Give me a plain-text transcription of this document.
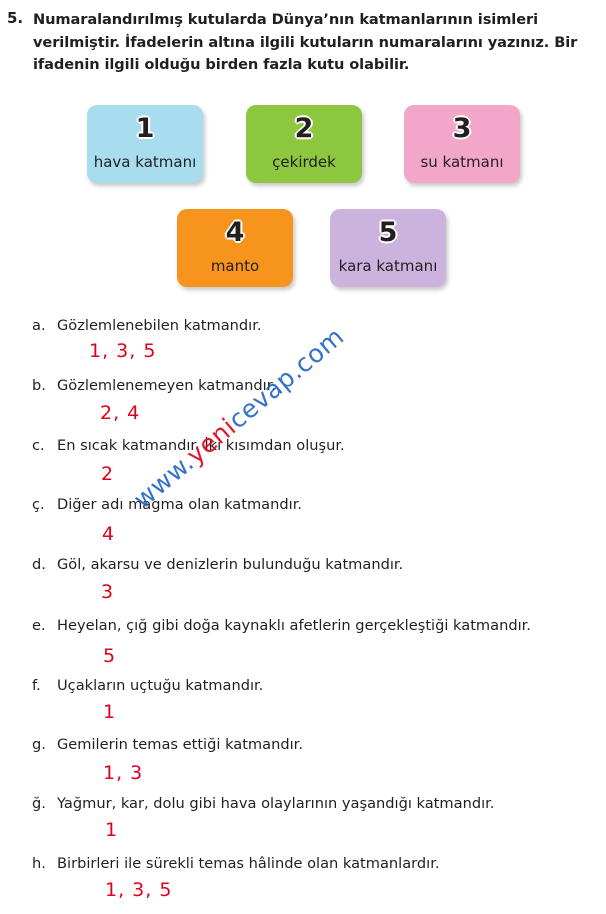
5. Numaralandırılmış kutularda Dünya’nın katmanlarının isimleri verilmiştir. İfadelerin altına ilgili kutuların numaralarını yazınız. Bir ifadenin ilgili olduğu birden fazla kutu olabilir.
1
hava katmanı
2
çekirdek
3
su katmanı
4
manto
5
kara katmanı
a. Gözlemlenebilen katmandır.
1, 3, 5
b. Gözlemlenemeyen katmandır.
2, 4
c. En sıcak katmandır. İki kısımdan oluşur.
2
ç. Diğer adı magma olan katmandır.
4
d. Göl, akarsu ve denizlerin bulunduğu katmandır.
3
e. Heyelan, çığ gibi doğa kaynaklı afetlerin gerçekleştiği katmandır.
5
f. Uçakların uçtuğu katmandır.
1
g. Gemilerin temas ettiği katmandır.
1, 3
ğ. Yağmur, kar, dolu gibi hava olaylarının yaşandığı katmandır.
1
h. Birbirleri ile sürekli temas hâlinde olan katmanlardır.
1, 3, 5
www.yenicevap.com
